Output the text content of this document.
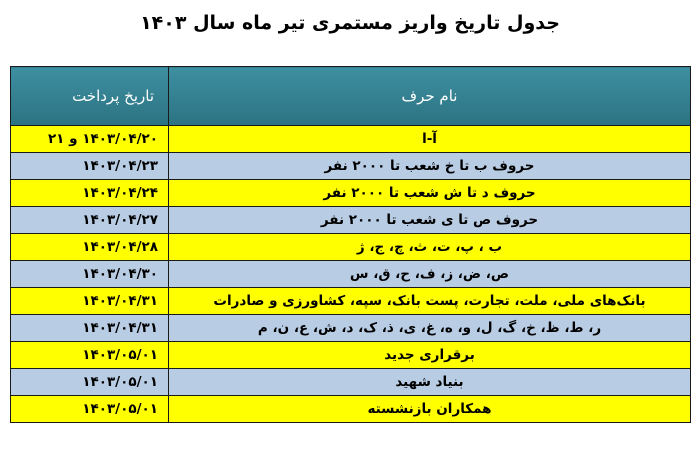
جدول تاریخ واریز مستمری تیر ماه سال ۱۴۰۳
نام حرف	تاریخ پرداخت
آ-ا	۱۴۰۳/۰۴/۲۰ و ۲۱
حروف ب تا خ شعب تا ۲۰۰۰ نفر	۱۴۰۳/۰۴/۲۳
حروف د تا ش شعب تا ۲۰۰۰ نفر	۱۴۰۳/۰۴/۲۴
حروف ص تا ی شعب تا ۲۰۰۰ نفر	۱۴۰۳/۰۴/۲۷
ب ، پ، ت، ث، چ، ج، ژ	۱۴۰۳/۰۴/۲۸
ص، ض، ز، ف، ح، ق، س	۱۴۰۳/۰۴/۳۰
بانک‌های ملی، ملت، تجارت، پست بانک، سپه، کشاورزی و صادرات	۱۴۰۳/۰۴/۳۱
ر، ط، ظ، خ، گ، ل، و، ه، غ، ی، ذ، ک، د، ش، ع، ن، م	۱۴۰۳/۰۴/۳۱
برقراری جدید	۱۴۰۳/۰۵/۰۱
بنیاد شهید	۱۴۰۳/۰۵/۰۱
همکاران بازنشسته	۱۴۰۳/۰۵/۰۱
